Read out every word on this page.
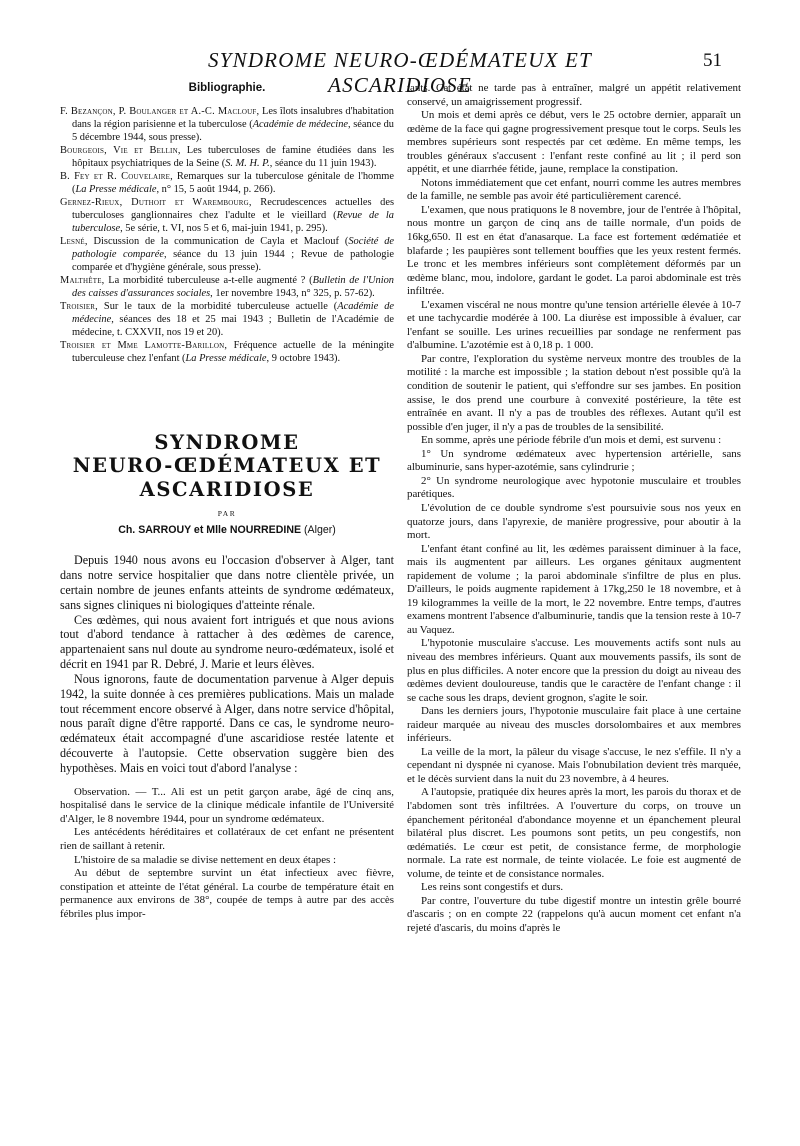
SYNDROME NEURO-ŒDÉMATEUX ET ASCARIDIOSE
51
Bibliographie.

F. Bezançon, P. Boulanger et A.-C. Maclouf, Les îlots insalubres d'habitation dans la région parisienne et la tuberculose (Académie de médecine, séance du 5 décembre 1944, sous presse).

Bourgeois, Vie et Bellin, Les tuberculoses de famine étudiées dans les hôpitaux psychiatriques de la Seine (S. M. H. P., séance du 11 juin 1943).

B. Fey et R. Couvelaire, Remarques sur la tuberculose génitale de l'homme (La Presse médicale, n° 15, 5 août 1944, p. 266).

Gernez-Rieux, Duthoit et Warembourg, Recrudescences actuelles des tuberculoses ganglionnaires chez l'adulte et le vieillard (Revue de la tuberculose, 5e série, t. VI, nos 5 et 6, mai-juin 1941, p. 295).

Lesné, Discussion de la communication de Cayla et Maclouf (Société de pathologie comparée, séance du 13 juin 1944 ; Revue de pathologie comparée et d'hygiène générale, sous presse).

Malthête, La morbidité tuberculeuse a-t-elle augmenté ? (Bulletin de l'Union des caisses d'assurances sociales, 1er novembre 1943, n° 325, p. 57-62).

Troisier, Sur le taux de la morbidité tuberculeuse actuelle (Académie de médecine, séances des 18 et 25 mai 1943 ; Bulletin de l'Académie de médecine, t. CXXVII, nos 19 et 20).

Troisier et Mme Lamotte-Barillon, Fréquence actuelle de la méningite tuberculeuse chez l'enfant (La Presse médicale, 9 octobre 1943).

SYNDROME
NEURO-ŒDÉMATEUX ET
ASCARIDIOSE
PAR
Ch. SARROUY et Mlle NOURREDINE (Alger)

Depuis 1940 nous avons eu l'occasion d'observer à Alger, tant dans notre service hospitalier que dans notre clientèle privée, un certain nombre de jeunes enfants atteints de syndrome œdémateux, sans signes cliniques ni biologiques d'atteinte rénale.

Ces œdèmes, qui nous avaient fort intrigués et que nous avions tout d'abord tendance à rattacher à des œdèmes de carence, appartenaient sans nul doute au syndrome neuro-œdémateux, isolé et décrit en 1941 par R. Debré, J. Marie et leurs élèves.

Nous ignorons, faute de documentation parvenue à Alger depuis 1942, la suite donnée à ces premières publications. Mais un malade tout récemment encore observé à Alger, dans notre service d'hôpital, nous paraît digne d'être rapporté. Dans ce cas, le syndrome neuro-œdémateux était accompagné d'une ascaridiose restée latente et découverte à l'autopsie. Cette observation suggère bien des hypothèses. Mais en voici tout d'abord l'analyse :

Observation. — T... Ali est un petit garçon arabe, âgé de cinq ans, hospitalisé dans le service de la clinique médicale infantile de l'Université d'Alger, le 8 novembre 1944, pour un syndrome œdémateux.

Les antécédents héréditaires et collatéraux de cet enfant ne présentent rien de saillant à retenir.

L'histoire de sa maladie se divise nettement en deux étapes :

Au début de septembre survint un état infectieux avec fièvre, constipation et atteinte de l'état général. La courbe de température était en permanence aux environs de 38°, coupée de temps à autre par des accès fébriles plus impor-

tants. Cet état ne tarde pas à entraîner, malgré un appétit relativement conservé, un amaigrissement progressif.

Un mois et demi après ce début, vers le 25 octobre dernier, apparaît un œdème de la face qui gagne progressivement presque tout le corps. Seuls les membres supérieurs sont respectés par cet œdème. En même temps, les troubles généraux s'accusent : l'enfant reste confiné au lit ; il perd son appétit, et une diarrhée fétide, jaune, remplace la constipation.

Notons immédiatement que cet enfant, nourri comme les autres membres de la famille, ne semble pas avoir été particulièrement carencé.

L'examen, que nous pratiquons le 8 novembre, jour de l'entrée à l'hôpital, nous montre un garçon de cinq ans de taille normale, d'un poids de 16kg,650. Il est en état d'anasarque. La face est fortement œdématiée et blafarde ; les paupières sont tellement bouffies que les yeux restent fermés. Le tronc et les membres inférieurs sont complètement déformés par un œdème blanc, mou, indolore, gardant le godet. La paroi abdominale est très infiltrée.

L'examen viscéral ne nous montre qu'une tension artérielle élevée à 10-7 et une tachycardie modérée à 100. La diurèse est impossible à évaluer, car l'enfant se souille. Les urines recueillies par sondage ne renferment pas d'albumine. L'azotémie est à 0,18 p. 1 000.

Par contre, l'exploration du système nerveux montre des troubles de la motilité : la marche est impossible ; la station debout n'est possible qu'à la condition de soutenir le patient, qui s'effondre sur ses jambes. En position assise, le dos prend une courbure à convexité postérieure, la tête est entraînée en avant. Il n'y a pas de troubles des réflexes. Autant qu'il est possible d'en juger, il n'y a pas de troubles de la sensibilité.

En somme, après une période fébrile d'un mois et demi, est survenu :

1° Un syndrome œdémateux avec hypertension artérielle, sans albuminurie, sans hyper-azotémie, sans cylindrurie ;

2° Un syndrome neurologique avec hypotonie musculaire et troubles parétiques.

L'évolution de ce double syndrome s'est poursuivie sous nos yeux en quatorze jours, dans l'apyrexie, de manière progressive, pour aboutir à la mort.

L'enfant étant confiné au lit, les œdèmes paraissent diminuer à la face, mais ils augmentent par ailleurs. Les organes génitaux augmentent rapidement de volume ; la paroi abdominale s'infiltre de plus en plus. D'ailleurs, le poids augmente rapidement à 17kg,250 le 18 novembre, et à 19 kilogrammes la veille de la mort, le 22 novembre. Entre temps, d'autres examens montrent l'absence d'albuminurie, tandis que la tension reste à 10-7 au Vaquez.

L'hypotonie musculaire s'accuse. Les mouvements actifs sont nuls au niveau des membres inférieurs. Quant aux mouvements passifs, ils sont de plus en plus difficiles. A noter encore que la pression du doigt au niveau des œdèmes devient douloureuse, tandis que le caractère de l'enfant change : il se cache sous les draps, devient grognon, s'agite le soir.

Dans les derniers jours, l'hypotonie musculaire fait place à une certaine raideur marquée au niveau des muscles dorsolombaires et aux membres inférieurs.

La veille de la mort, la pâleur du visage s'accuse, le nez s'effile. Il n'y a cependant ni dyspnée ni cyanose. Mais l'obnubilation devient très marquée, et le décès survient dans la nuit du 23 novembre, à 4 heures.

A l'autopsie, pratiquée dix heures après la mort, les parois du thorax et de l'abdomen sont très infiltrées. A l'ouverture du corps, on trouve un épanchement péritonéal d'abondance moyenne et un épanchement pleural bilatéral plus discret. Les poumons sont petits, un peu congestifs, non œdématiés. Le cœur est petit, de consistance ferme, de morphologie normale. La rate est normale, de teinte violacée. Le foie est augmenté de volume, de teinte et de consistance normales.

Les reins sont congestifs et durs.

Par contre, l'ouverture du tube digestif montre un intestin grêle bourré d'ascaris ; on en compte 22 (rappelons qu'à aucun moment cet enfant n'a rejeté d'ascaris, du moins d'après le
